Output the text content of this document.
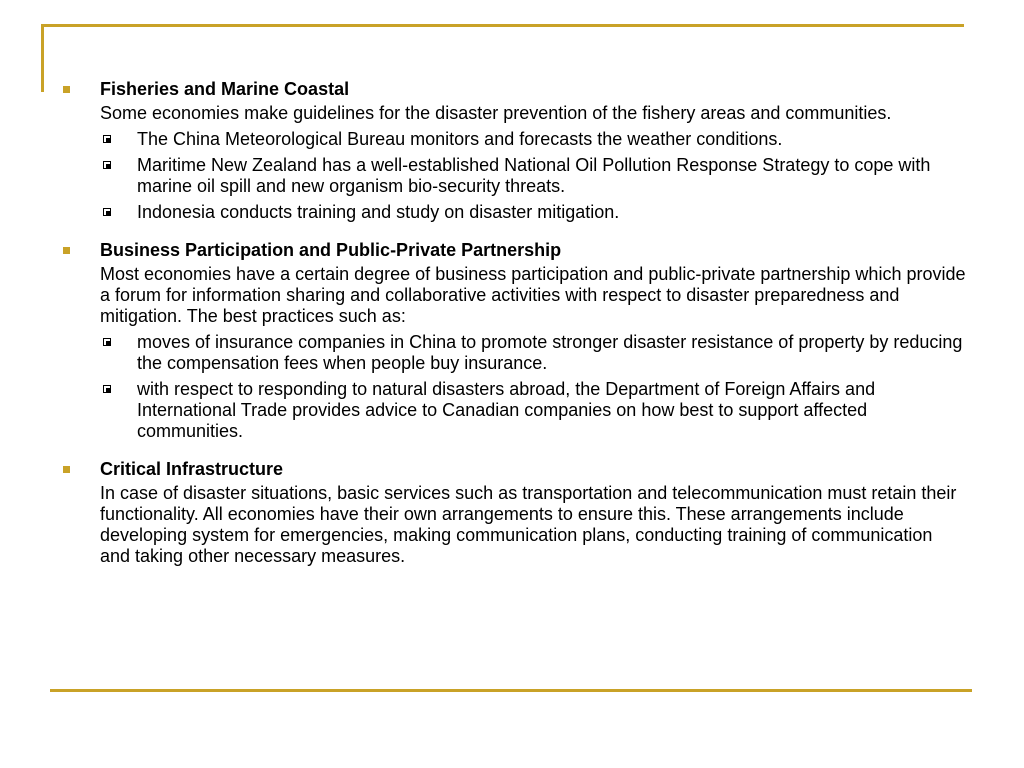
Fisheries and Marine Coastal

Some economies make guidelines for the disaster prevention of the fishery areas and communities.

The China Meteorological Bureau monitors and forecasts the weather conditions.
Maritime New Zealand has a well-established National Oil Pollution Response Strategy to cope with marine oil spill and new organism bio-security threats.
Indonesia conducts training and study on disaster mitigation.

Business Participation and Public-Private Partnership

Most economies have a certain degree of business participation and public-private partnership which provide a forum for information sharing and collaborative activities with respect to disaster preparedness and mitigation. The best practices such as:

moves of insurance companies in China to promote stronger disaster resistance of property by reducing the compensation fees when people buy insurance.
with respect to responding to natural disasters abroad, the Department of Foreign Affairs and International Trade provides advice to Canadian companies on how best to support affected communities.

Critical Infrastructure

In case of disaster situations, basic services such as transportation and telecommunication must retain their functionality. All economies have their own arrangements to ensure this. These arrangements include developing system for emergencies, making communication plans, conducting training of communication and taking other necessary measures.
